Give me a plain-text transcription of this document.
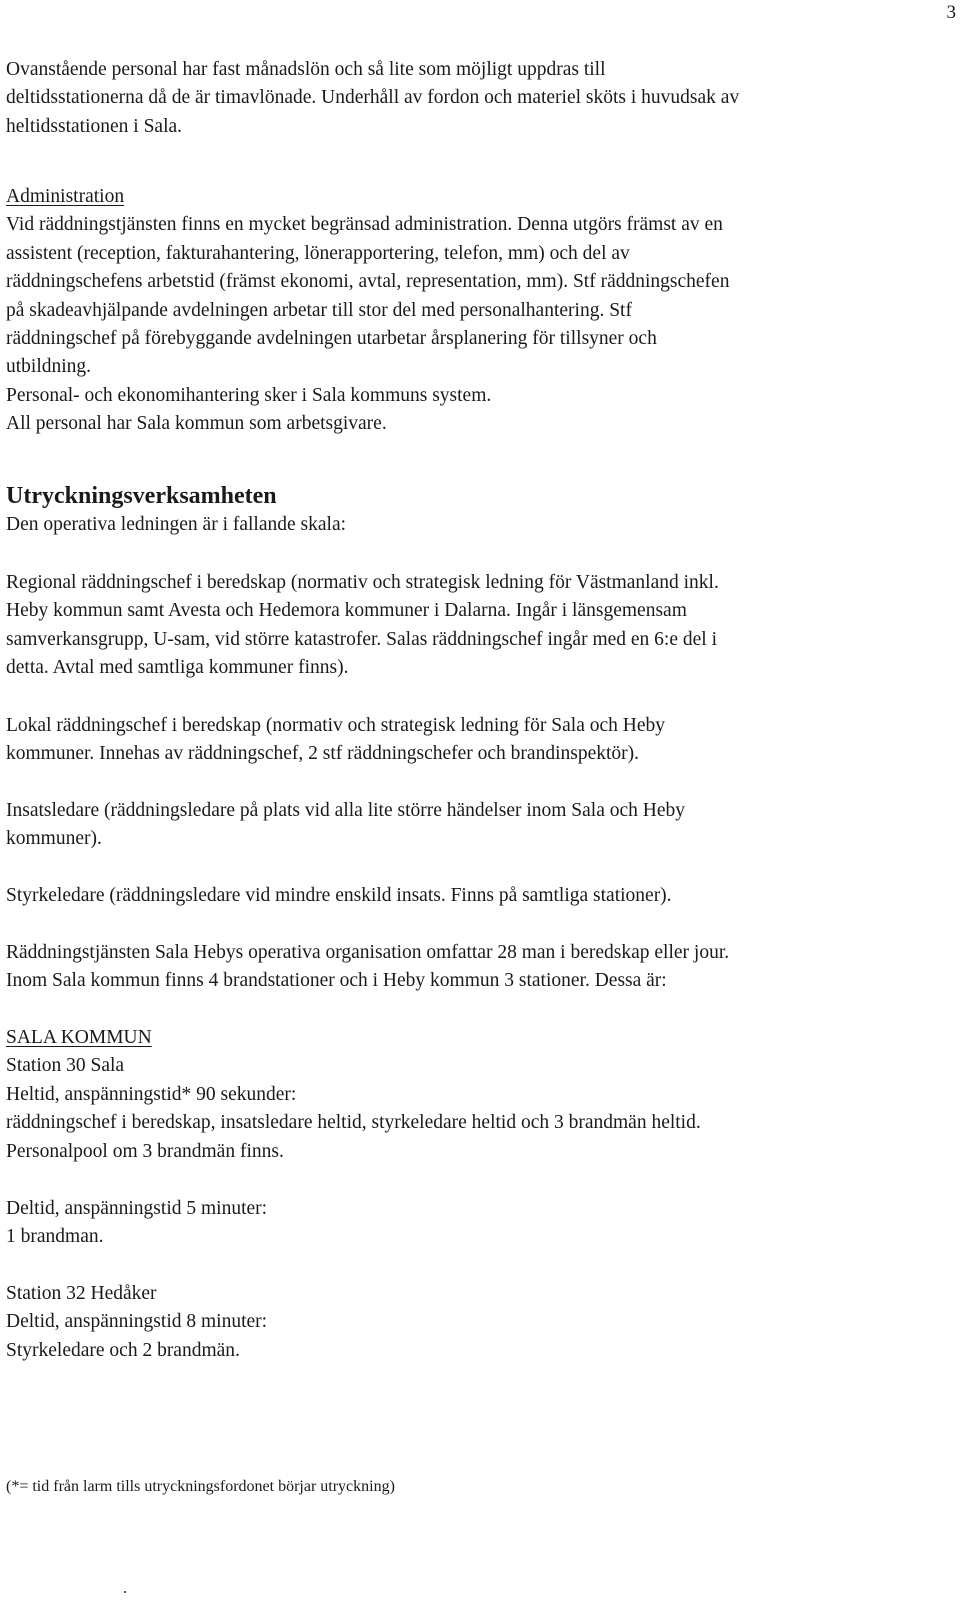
3
Ovanstående personal har fast månadslön och så lite som möjligt uppdras till
deltidsstationerna då de är timavlönade. Underhåll av fordon och materiel sköts i huvudsak av
heltidsstationen i Sala.
Administration
Vid räddningstjänsten finns en mycket begränsad administration. Denna utgörs främst av en
assistent (reception, fakturahantering, lönerapportering, telefon, mm) och del av
räddningschefens arbetstid (främst ekonomi, avtal, representation, mm). Stf räddningschefen
på skadeavhjälpande avdelningen arbetar till stor del med personalhantering. Stf
räddningschef på förebyggande avdelningen utarbetar årsplanering för tillsyner och
utbildning.
Personal- och ekonomihantering sker i Sala kommuns system.
All personal har Sala kommun som arbetsgivare.
Utryckningsverksamheten
Den operativa ledningen är i fallande skala:
Regional räddningschef i beredskap (normativ och strategisk ledning för Västmanland inkl.
Heby kommun samt Avesta och Hedemora kommuner i Dalarna. Ingår i länsgemensam
samverkansgrupp, U-sam, vid större katastrofer. Salas räddningschef ingår med en 6:e del i
detta. Avtal med samtliga kommuner finns).
Lokal räddningschef i beredskap (normativ och strategisk ledning för Sala och Heby
kommuner. Innehas av räddningschef, 2 stf räddningschefer och brandinspektör).
Insatsledare (räddningsledare på plats vid alla lite större händelser inom Sala och Heby
kommuner).
Styrkeledare (räddningsledare vid mindre enskild insats. Finns på samtliga stationer).
Räddningstjänsten Sala Hebys operativa organisation omfattar 28 man i beredskap eller jour.
Inom Sala kommun finns 4 brandstationer och i Heby kommun 3 stationer. Dessa är:
SALA KOMMUN
Station 30 Sala
Heltid, anspänningstid* 90 sekunder:
räddningschef i beredskap, insatsledare heltid, styrkeledare heltid och 3 brandmän heltid.
Personalpool om 3 brandmän finns.
Deltid, anspänningstid 5 minuter:
1 brandman.
Station 32 Hedåker
Deltid, anspänningstid 8 minuter:
Styrkeledare och 2 brandmän.
(*= tid från larm tills utryckningsfordonet börjar utryckning)
